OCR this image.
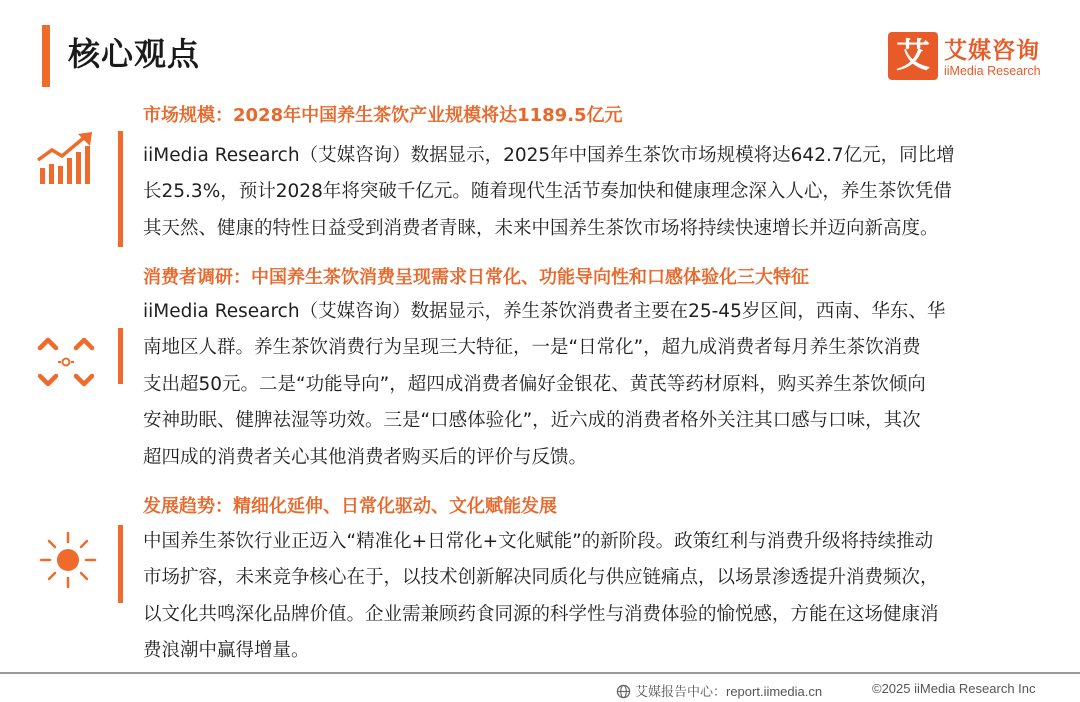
核心观点	艾 艾媒咨询
iiMedia Research
市场规模：2028年中国养生茶饮产业规模将达1189.5亿元
iiMedia Research（艾媒咨询）数据显示，2025年中国养生茶饮市场规模将达642.7亿元，同比增
长25.3%，预计2028年将突破千亿元。随着现代生活节奏加快和健康理念深入人心，养生茶饮凭借
其天然、健康的特性日益受到消费者青睐，未来中国养生茶饮市场将持续快速增长并迈向新高度。
消费者调研：中国养生茶饮消费呈现需求日常化、功能导向性和口感体验化三大特征
iiMedia Research（艾媒咨询）数据显示，养生茶饮消费者主要在25-45岁区间，西南、华东、华
南地区人群。养生茶饮消费行为呈现三大特征，一是“日常化”，超九成消费者每月养生茶饮消费
支出超50元。二是“功能导向”，超四成消费者偏好金银花、黄芪等药材原料，购买养生茶饮倾向
安神助眠、健脾祛湿等功效。三是“口感体验化”，近六成的消费者格外关注其口感与口味，其次
超四成的消费者关心其他消费者购买后的评价与反馈。
发展趋势：精细化延伸、日常化驱动、文化赋能发展
中国养生茶饮行业正迈入“精准化+日常化+文化赋能”的新阶段。政策红利与消费升级将持续推动
市场扩容，未来竞争核心在于，以技术创新解决同质化与供应链痛点，以场景渗透提升消费频次，
以文化共鸣深化品牌价值。企业需兼顾药食同源的科学性与消费体验的愉悦感，方能在这场健康消
费浪潮中赢得增量。
艾媒报告中心：report.iimedia.cn	©2025 iiMedia Research Inc
